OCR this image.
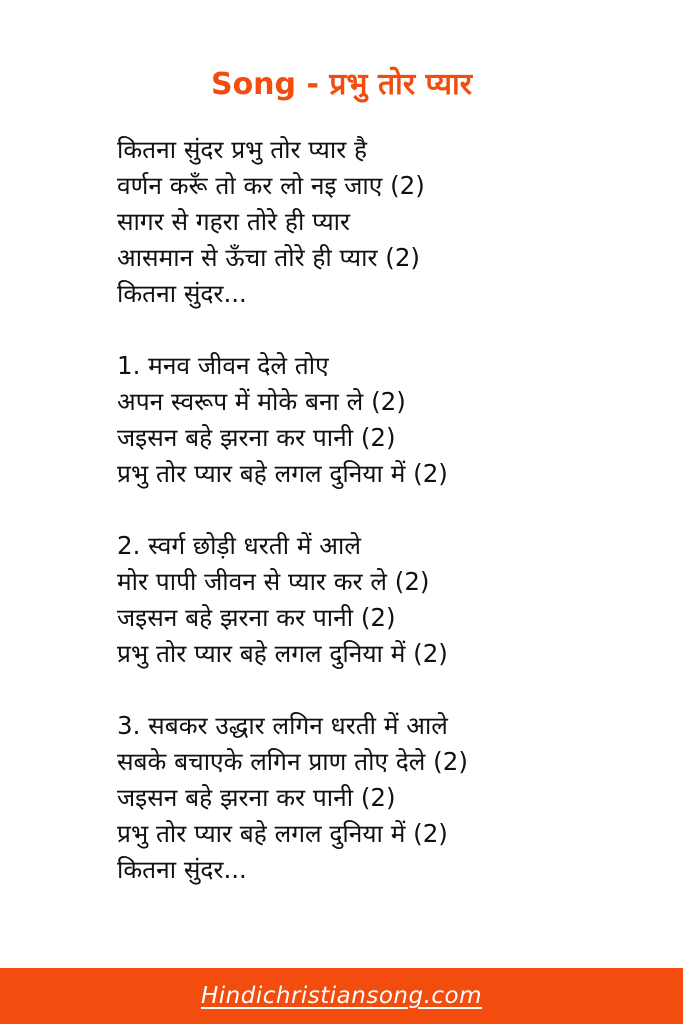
Song - प्रभु तोर प्यार
कितना सुंदर प्रभु तोर प्यार है
वर्णन करूँ तो कर लो नइ जाए (2)
सागर से गहरा तोरे ही प्यार
आसमान से ऊँचा तोरे ही प्यार (2)
कितना सुंदर...
1. मनव जीवन देले तोए
अपन स्वरूप में मोके बना ले (2)
जइसन बहे झरना कर पानी (2)
प्रभु तोर प्यार बहे लगल दुनिया में (2)
2. स्वर्ग छोड़ी धरती में आले
मोर पापी जीवन से प्यार कर ले (2)
जइसन बहे झरना कर पानी (2)
प्रभु तोर प्यार बहे लगल दुनिया में (2)
3. सबकर उद्धार लगिन धरती में आले
सबके बचाएके लगिन प्राण तोए देले (2)
जइसन बहे झरना कर पानी (2)
प्रभु तोर प्यार बहे लगल दुनिया में (2)
कितना सुंदर...
Hindichristiansong.com
